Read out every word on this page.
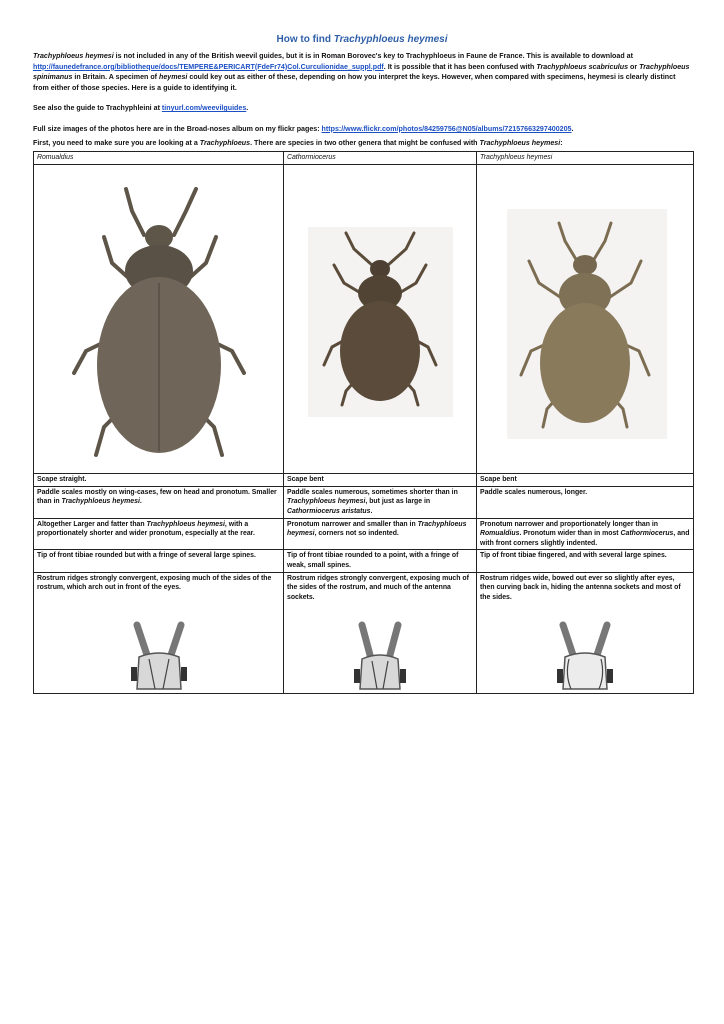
How to find Trachyphloeus heymesi

Trachyphloeus heymesi is not included in any of the British weevil guides, but it is in Roman Borovec's key to Trachyphloeus in Faune de France. This is available to download at http://faunedefrance.org/bibliotheque/docs/TEMPERE&PERICART(FdeFr74)Col.Curculionidae_suppl.pdf. It is possible that it has been confused with Trachyphloeus scabriculus or Trachyphloeus spinimanus in Britain. A specimen of heymesi could key out as either of these, depending on how you interpret the keys. However, when compared with specimens, heymesi is clearly distinct from either of those species. Here is a guide to identifying it.

See also the guide to Trachyphleini at tinyurl.com/weevilguides.

Full size images of the photos here are in the Broad-noses album on my flickr pages: https://www.flickr.com/photos/84259756@N05/albums/72157663297400205.

First, you need to make sure you are looking at a Trachyphloeus. There are species in two other genera that might be confused with Trachyphloeus heymesi:

Romualdius	Cathormiocerus	Trachyphloeus heymesi

Scape straight.	Scape bent	Scape bent
Paddle scales mostly on wing-cases, few on head and pronotum. Smaller than in Trachyphloeus heymesi.	Paddle scales numerous, sometimes shorter than in Trachyphloeus heymesi, but just as large in Cathormiocerus aristatus.	Paddle scales numerous, longer.
Altogether Larger and fatter than Trachyphloeus heymesi, with a proportionately shorter and wider pronotum, especially at the rear.	Pronotum narrower and smaller than in Trachyphloeus heymesi, corners not so indented.	Pronotum narrower and proportionately longer than in Romualdius. Pronotum wider than in most Cathormiocerus, and with front corners slightly indented.
Tip of front tibiae rounded but with a fringe of several large spines.	Tip of front tibiae rounded to a point, with a fringe of weak, small spines.	Tip of front tibiae fingered, and with several large spines.
Rostrum ridges strongly convergent, exposing much of the sides of the rostrum, which arch out in front of the eyes.	Rostrum ridges strongly convergent, exposing much of the sides of the rostrum, and much of the antenna sockets.	Rostrum ridges wide, bowed out ever so slightly after eyes, then curving back in, hiding the antenna sockets and most of the sides.
